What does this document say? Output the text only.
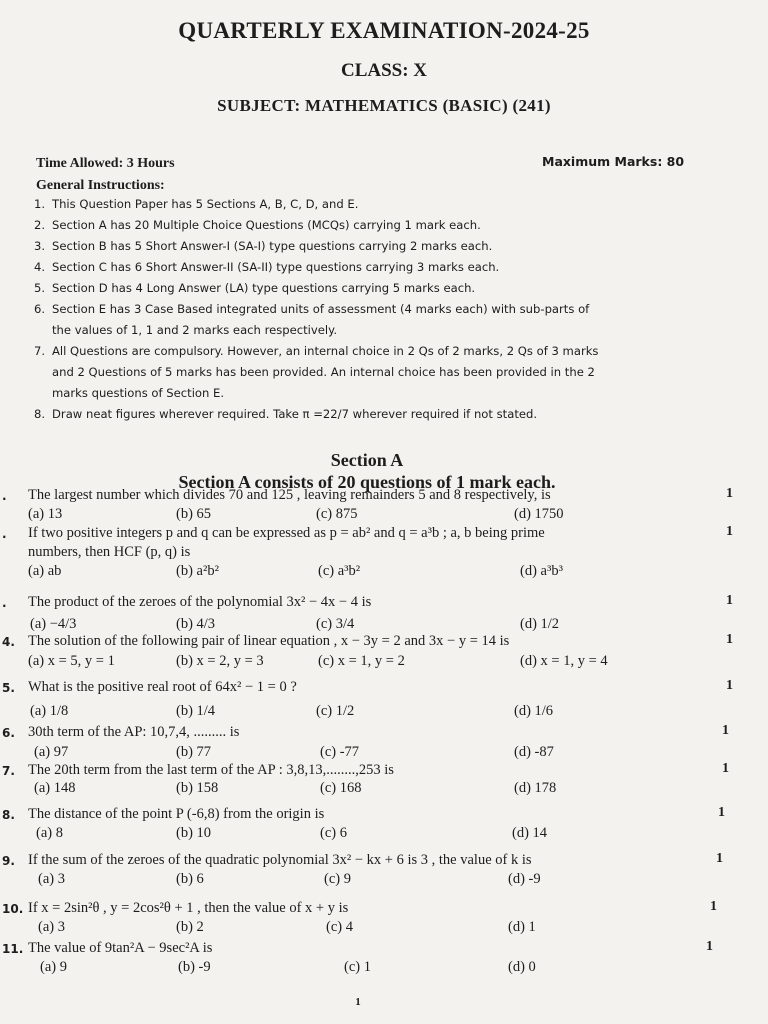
QUARTERLY EXAMINATION-2024-25
CLASS: X
SUBJECT: MATHEMATICS (BASIC) (241)
Time Allowed: 3 Hours	Maximum Marks: 80
General Instructions:
1. This Question Paper has 5 Sections A, B, C, D, and E.
2. Section A has 20 Multiple Choice Questions (MCQs) carrying 1 mark each.
3. Section B has 5 Short Answer-I (SA-I) type questions carrying 2 marks each.
4. Section C has 6 Short Answer-II (SA-II) type questions carrying 3 marks each.
5. Section D has 4 Long Answer (LA) type questions carrying 5 marks each.
6. Section E has 3 Case Based integrated units of assessment (4 marks each) with sub-parts of
the values of 1, 1 and 2 marks each respectively.
7. All Questions are compulsory. However, an internal choice in 2 Qs of 2 marks, 2 Qs of 3 marks
and 2 Questions of 5 marks has been provided. An internal choice has been provided in the 2
marks questions of Section E.
8. Draw neat figures wherever required. Take π =22/7 wherever required if not stated.
Section A
Section A consists of 20 questions of 1 mark each.
. The largest number which divides 70 and 125 , leaving remainders 5 and 8 respectively, is	1
(a) 13	(b) 65	(c) 875	(d) 1750
. If two positive integers p and q can be expressed as p = ab² and q = a³b ; a, b being prime	1
numbers, then HCF (p, q) is
(a) ab	(b) a²b²	(c) a³b²	(d) a³b³
. The product of the zeroes of the polynomial 3x² − 4x − 4 is	1
(a) −4/3	(b) 4/3	(c) 3/4	(d) 1/2
4. The solution of the following pair of linear equation , x − 3y = 2 and 3x − y = 14 is	1
(a) x = 5, y = 1	(b) x = 2, y = 3	(c) x = 1, y = 2	(d) x = 1, y = 4
5. What is the positive real root of 64x² − 1 = 0 ?	1
(a) 1/8	(b) 1/4	(c) 1/2	(d) 1/6
6. 30th term of the AP: 10,7,4, ......... is	1
(a) 97	(b) 77	(c) -77	(d) -87
7. The 20th term from the last term of the AP : 3,8,13,........,253 is	1
(a) 148	(b) 158	(c) 168	(d) 178
8. The distance of the point P (-6,8) from the origin is	1
(a) 8	(b) 10	(c) 6	(d) 14
9. If the sum of the zeroes of the quadratic polynomial 3x² − kx + 6 is 3 , the value of k is	1
(a) 3	(b) 6	(c) 9	(d) -9
10. If x = 2sin²θ , y = 2cos²θ + 1 , then the value of x + y is	1
(a) 3	(b) 2	(c) 4	(d) 1
11. The value of 9tan²A − 9sec²A is	1
(a) 9	(b) -9	(c) 1	(d) 0
1
